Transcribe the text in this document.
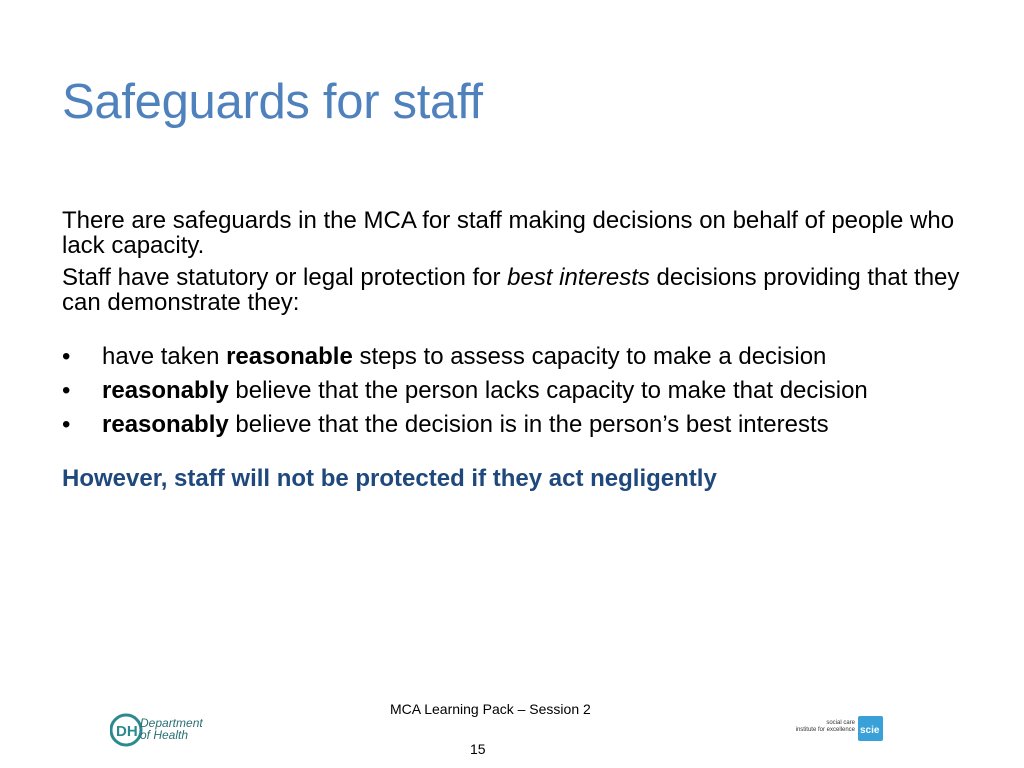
Safeguards for staff

There are safeguards in the MCA for staff making decisions on behalf of people who lack capacity.

Staff have statutory or legal protection for best interests decisions providing that they can demonstrate they:

• have taken reasonable steps to assess capacity to make a decision
• reasonably believe that the person lacks capacity to make that decision
• reasonably believe that the decision is in the person’s best interests
However, staff will not be protected if they act negligently
MCA Learning Pack – Session 2
15
DH Department
of Health
social care
institute for excellence scie
